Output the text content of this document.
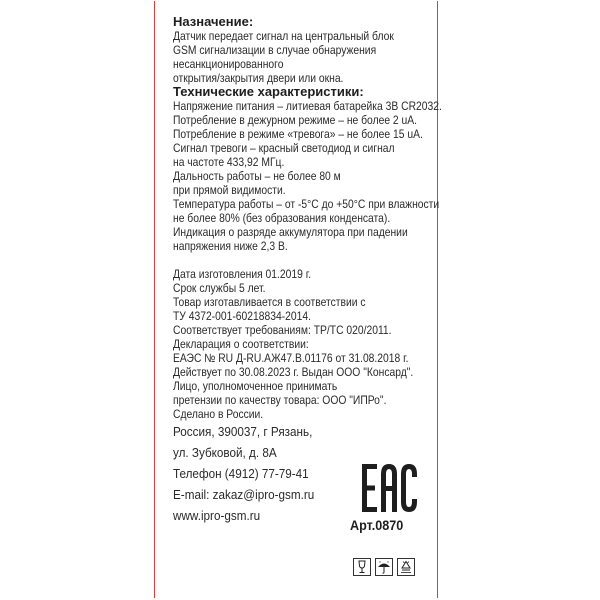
Назначение:
Датчик передает сигнал на центральный блок
GSM сигнализации в случае обнаружения
несанкционированного
открытия/закрытия двери или окна.
Технические характеристики:
Напряжение питания – литиевая батарейка 3В CR2032.
Потребление в дежурном режиме – не более 2 uA.
Потребление в режиме «тревога» – не более 15 uA.
Сигнал тревоги – красный светодиод и сигнал
на частоте 433,92 МГц.
Дальность работы – не более 80 м
при прямой видимости.
Температура работы – от -5°С до +50°С при влажности
не более 80% (без образования конденсата).
Индикация о разряде аккумулятора при падении
напряжения ниже 2,3 В.
Дата изготовления 01.2019 г.
Срок службы 5 лет.
Товар изготавливается в соответствии с
ТУ 4372-001-60218834-2014.
Соответствует требованиям: ТР/ТС 020/2011.
Декларация о соответствии:
ЕАЭС № RU Д-RU.АЖ47.В.01176 от 31.08.2018 г.
Действует по 30.08.2023 г. Выдан ООО "Консард".
Лицо, уполномоченное принимать
претензии по качеству товара: ООО "ИПРо".
Сделано в России.
Россия, 390037, г Рязань,
ул. Зубковой, д. 8А
Телефон (4912) 77-79-41
E-mail: zakaz@ipro-gsm.ru
www.ipro-gsm.ru
Арт.0870
